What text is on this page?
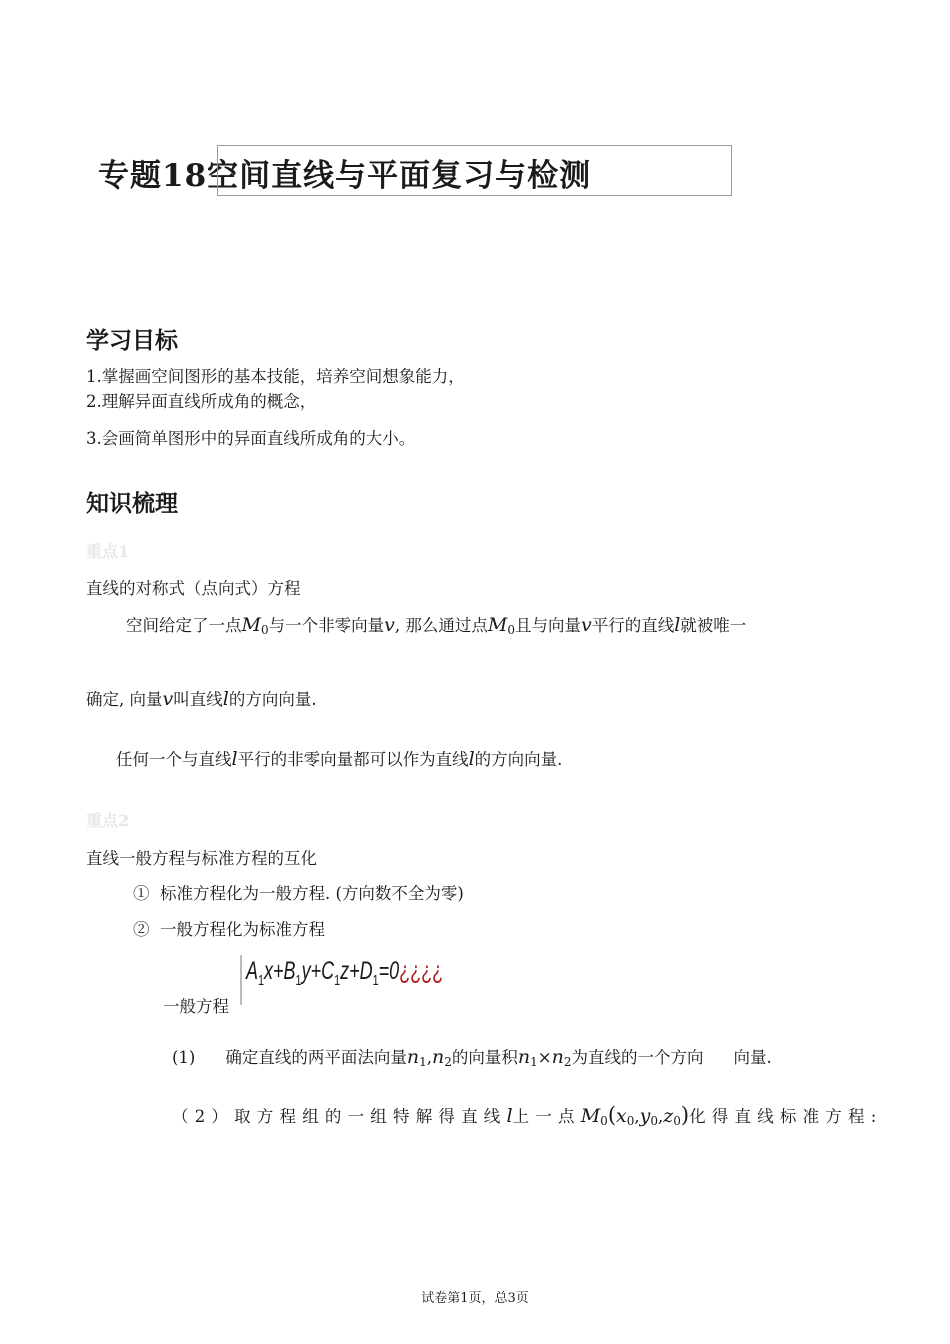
专题18空间直线与平面复习与检测
学习目标
1.掌握画空间图形的基本技能，培养空间想象能力，
2.理解异面直线所成角的概念，
3.会画简单图形中的异面直线所成角的大小。
知识梳理
重点1
直线的对称式（点向式）方程
空间给定了一点M0与一个非零向量v, 那么通过点M0且与向量v平行的直线l就被唯一
确定, 向量v叫直线l的方向向量.
任何一个与直线l平行的非零向量都可以作为直线l的方向向量.
重点2
直线一般方程与标准方程的互化
① 标准方程化为一般方程. (方向数不全为零)
② 一般方程化为标准方程
一般方程
$A_1x+B_1y+C_1z+D_1=0¿¿¿¿$
(1) 确定直线的两平面法向量n1,n2的向量积n1×n2为直线的一个方向 向量.
（2）取方程组的一组特解得直线l上一点M0(x0,y0,z0)化得直线标准方程:
试卷第1页，总3页
